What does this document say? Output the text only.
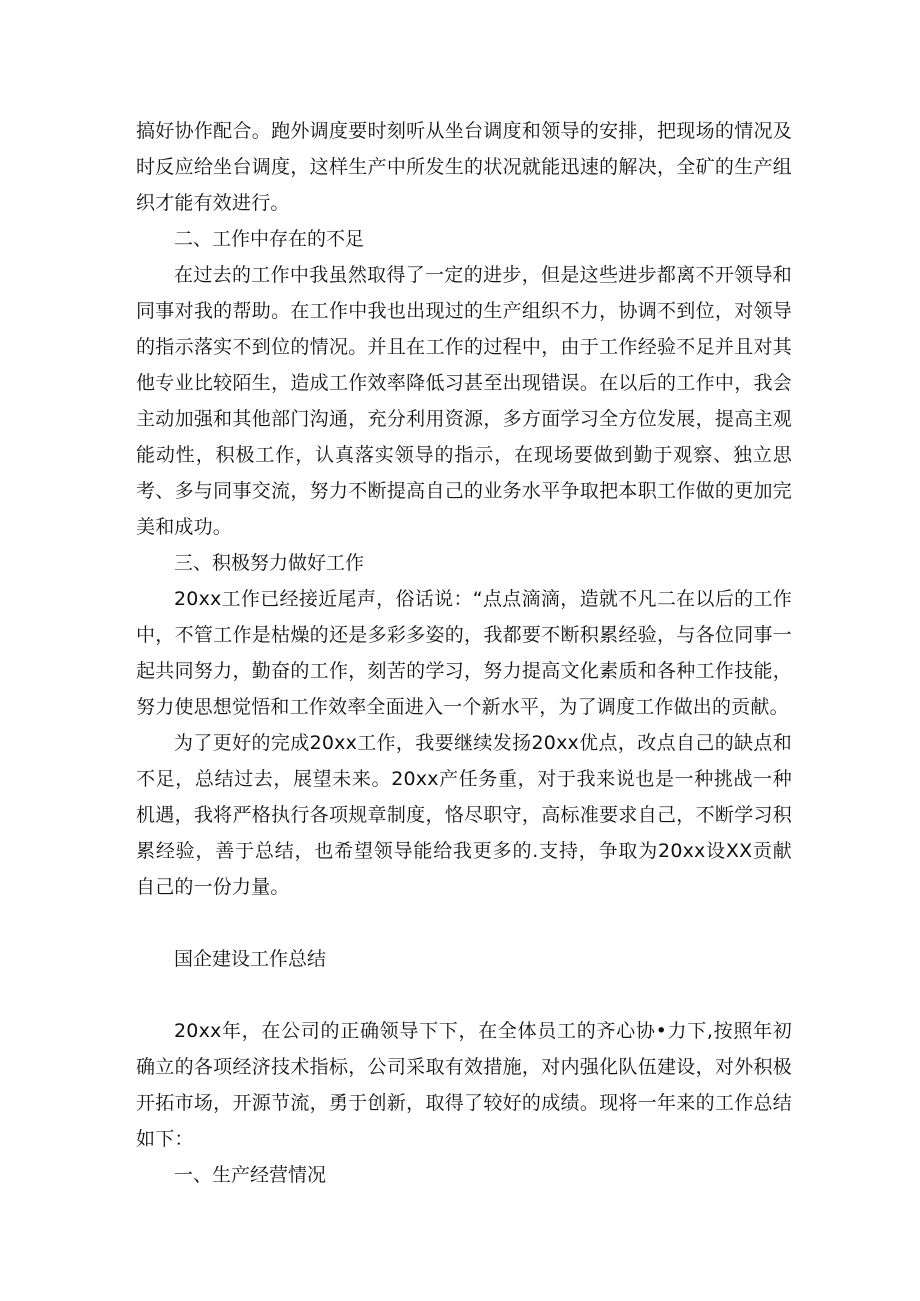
搞好协作配合。跑外调度要时刻听从坐台调度和领导的安排，把现场的情况及时反应给坐台调度，这样生产中所发生的状况就能迅速的解决，全矿的生产组织才能有效进行。

二、工作中存在的不足

在过去的工作中我虽然取得了一定的进步，但是这些进步都离不开领导和同事对我的帮助。在工作中我也出现过的生产组织不力，协调不到位，对领导的指示落实不到位的情况。并且在工作的过程中，由于工作经验不足并且对其他专业比较陌生，造成工作效率降低习甚至出现错误。在以后的工作中，我会主动加强和其他部门沟通，充分利用资源，多方面学习全方位发展，提高主观能动性，积极工作，认真落实领导的指示，在现场要做到勤于观察、独立思考、多与同事交流，努力不断提高自己的业务水平争取把本职工作做的更加完美和成功。

三、积极努力做好工作

20xx工作已经接近尾声，俗话说：“点点滴滴，造就不凡二在以后的工作中，不管工作是枯燥的还是多彩多姿的，我都要不断积累经验，与各位同事一起共同努力，勤奋的工作，刻苦的学习，努力提高文化素质和各种工作技能，努力使思想觉悟和工作效率全面进入一个新水平，为了调度工作做出的贡献。

为了更好的完成20xx工作，我要继续发扬20xx优点，改点自己的缺点和不足，总结过去，展望未来。20xx产任务重，对于我来说也是一种挑战一种机遇，我将严格执行各项规章制度，恪尽职守，高标准要求自己，不断学习积累经验，善于总结，也希望领导能给我更多的.支持，争取为20xx设XX贡献自己的一份力量。

国企建设工作总结

20xx年，在公司的正确领导下下，在全体员工的齐心协•力下,按照年初确立的各项经济技术指标，公司采取有效措施，对内强化队伍建设，对外积极开拓市场，开源节流，勇于创新，取得了较好的成绩。现将一年来的工作总结如下：

一、生产经营情况
